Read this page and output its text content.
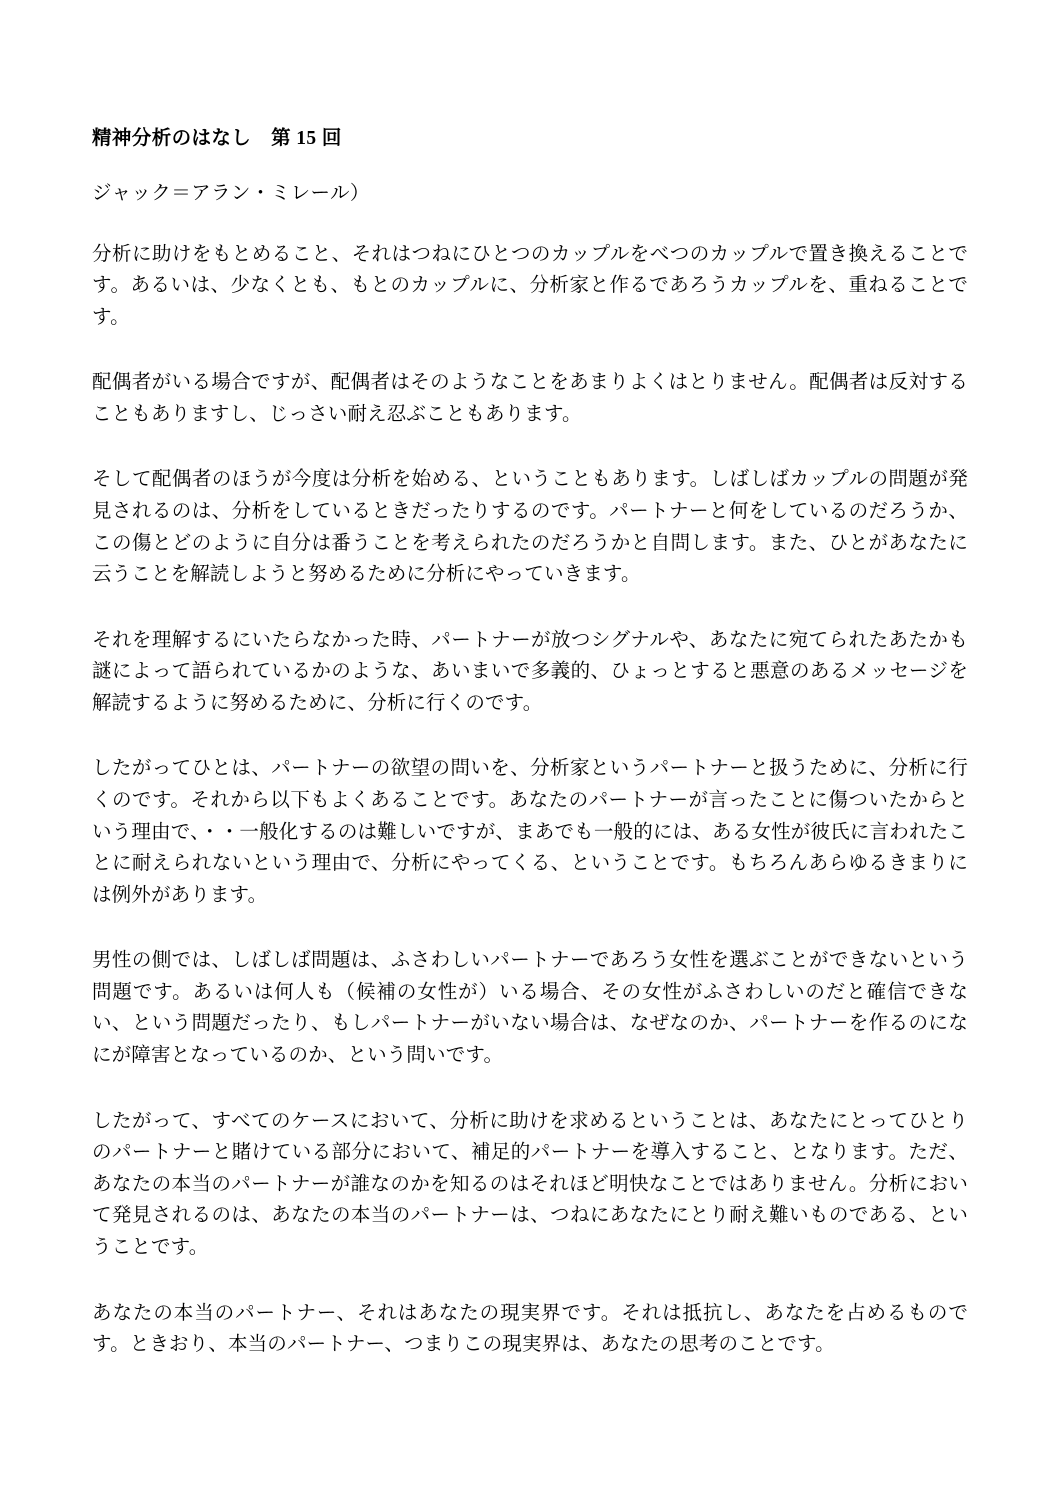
精神分析のはなし　第 15 回

ジャック＝アラン・ミレール）

分析に助けをもとめること、それはつねにひとつのカップルをべつのカップルで置き換えることです。あるいは、少なくとも、もとのカップルに、分析家と作るであろうカップルを、重ねることです。

配偶者がいる場合ですが、配偶者はそのようなことをあまりよくはとりません。配偶者は反対することもありますし、じっさい耐え忍ぶこともあります。

そして配偶者のほうが今度は分析を始める、ということもあります。しばしばカップルの問題が発見されるのは、分析をしているときだったりするのです。パートナーと何をしているのだろうか、この傷とどのように自分は番うことを考えられたのだろうかと自問します。また、ひとがあなたに云うことを解読しようと努めるために分析にやっていきます。

それを理解するにいたらなかった時、パートナーが放つシグナルや、あなたに宛てられたあたかも謎によって語られているかのような、あいまいで多義的、ひょっとすると悪意のあるメッセージを解読するように努めるために、分析に行くのです。

したがってひとは、パートナーの欲望の問いを、分析家というパートナーと扱うために、分析に行くのです。それから以下もよくあることです。あなたのパートナーが言ったことに傷ついたからという理由で、・・一般化するのは難しいですが、まあでも一般的には、ある女性が彼氏に言われたことに耐えられないという理由で、分析にやってくる、ということです。もちろんあらゆるきまりには例外があります。

男性の側では、しばしば問題は、ふさわしいパートナーであろう女性を選ぶことができないという問題です。あるいは何人も（候補の女性が）いる場合、その女性がふさわしいのだと確信できない、という問題だったり、もしパートナーがいない場合は、なぜなのか、パートナーを作るのになにが障害となっているのか、という問いです。

したがって、すべてのケースにおいて、分析に助けを求めるということは、あなたにとってひとりのパートナーと賭けている部分において、補足的パートナーを導入すること、となります。ただ、あなたの本当のパートナーが誰なのかを知るのはそれほど明快なことではありません。分析において発見されるのは、あなたの本当のパートナーは、つねにあなたにとり耐え難いものである、ということです。

あなたの本当のパートナー、それはあなたの現実界です。それは抵抗し、あなたを占めるものです。ときおり、本当のパートナー、つまりこの現実界は、あなたの思考のことです。
